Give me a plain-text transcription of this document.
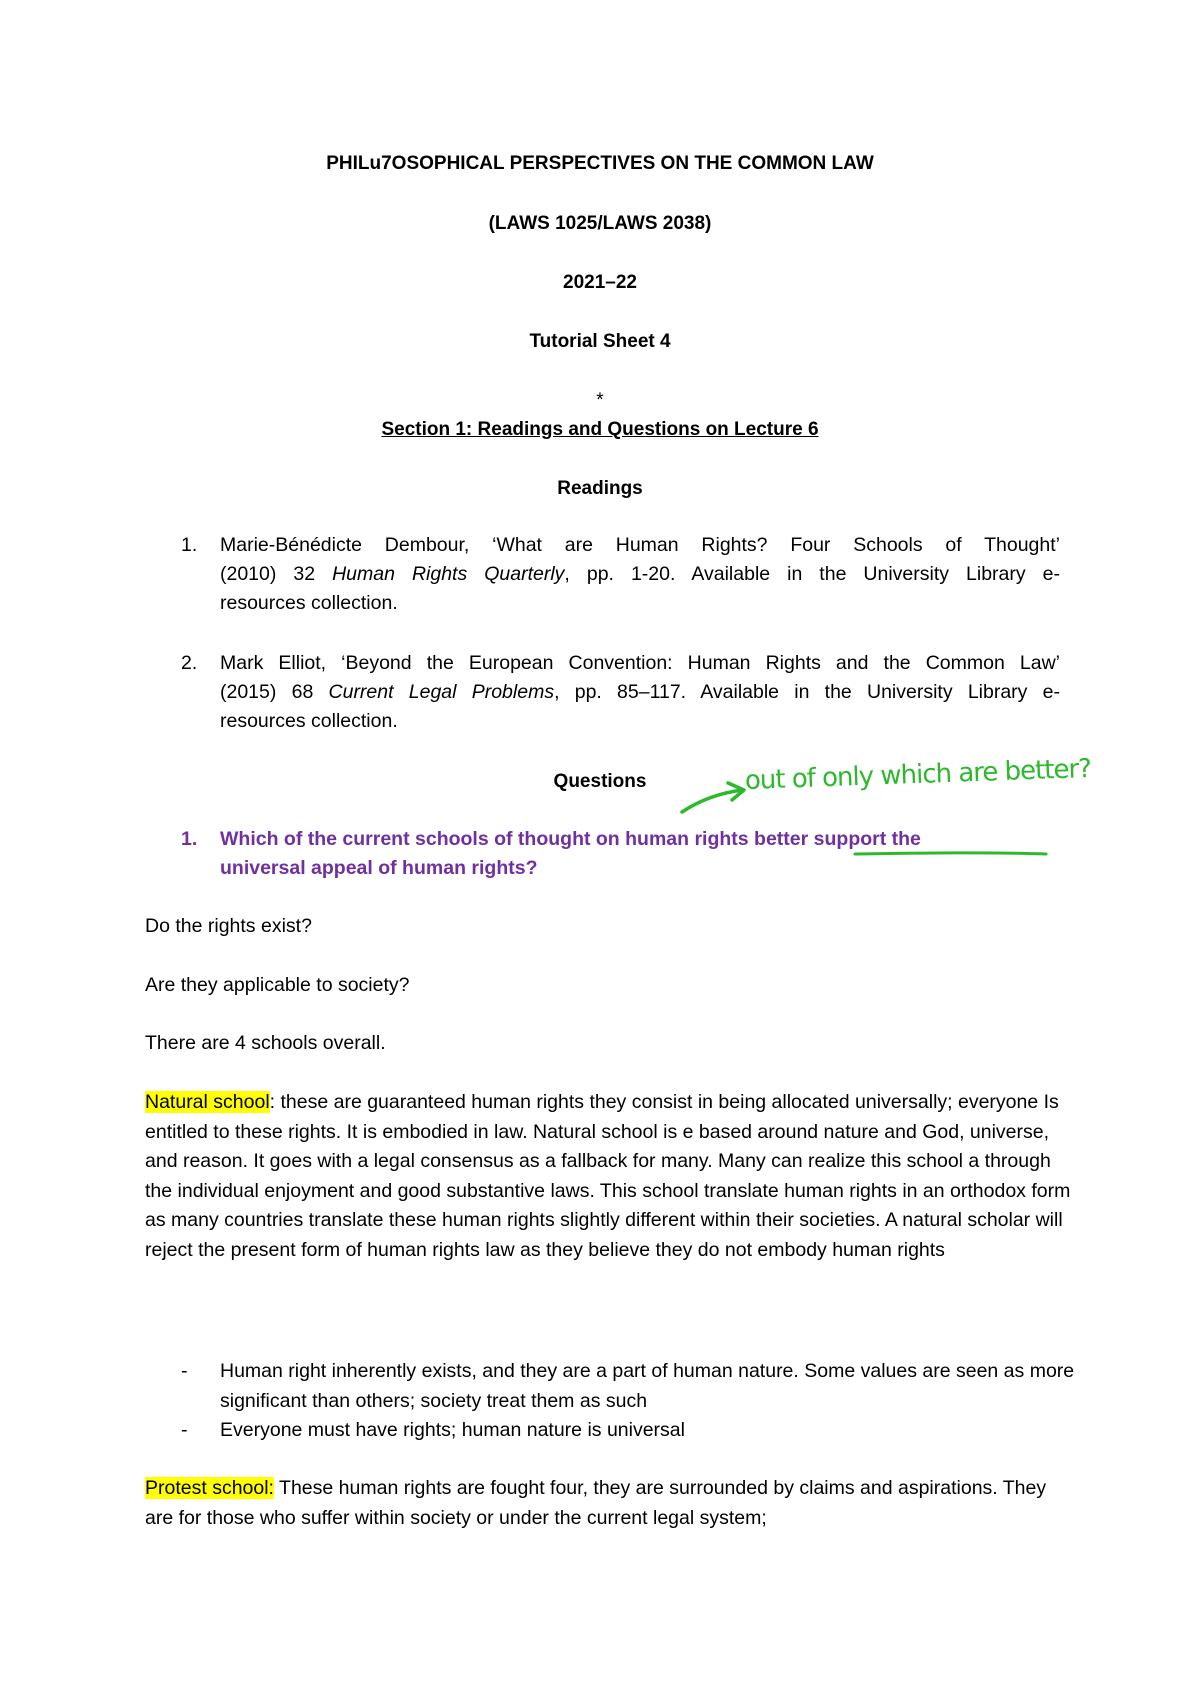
PHILu7OSOPHICAL PERSPECTIVES ON THE COMMON LAW
(LAWS 1025/LAWS 2038)
2021–22
Tutorial Sheet 4
*
Section 1: Readings and Questions on Lecture 6
Readings
1. Marie-Bénédicte Dembour, ‘What are Human Rights? Four Schools of Thought’
(2010) 32 Human Rights Quarterly, pp. 1-20. Available in the University Library e-
resources collection.
2. Mark Elliot, ‘Beyond the European Convention: Human Rights and the Common Law’
(2015) 68 Current Legal Problems, pp. 85–117. Available in the University Library e-
resources collection.
Questions	out of only which are better?
1. Which of the current schools of thought on human rights better support the
universal appeal of human rights?
Do the rights exist?
Are they applicable to society?
There are 4 schools overall.
Natural school: these are guaranteed human rights they consist in being allocated universally; everyone Is entitled to these rights. It is embodied in law. Natural school is e based around nature and God, universe, and reason. It goes with a legal consensus as a fallback for many. Many can realize this school a through the individual enjoyment and good substantive laws. This school translate human rights in an orthodox form as many countries translate these human rights slightly different within their societies. A natural scholar will reject the present form of human rights law as they believe they do not embody human rights
- Human right inherently exists, and they are a part of human nature. Some values are seen as more significant than others; society treat them as such
- Everyone must have rights; human nature is universal
Protest school: These human rights are fought four, they are surrounded by claims and aspirations. They are for those who suffer within society or under the current legal system;
